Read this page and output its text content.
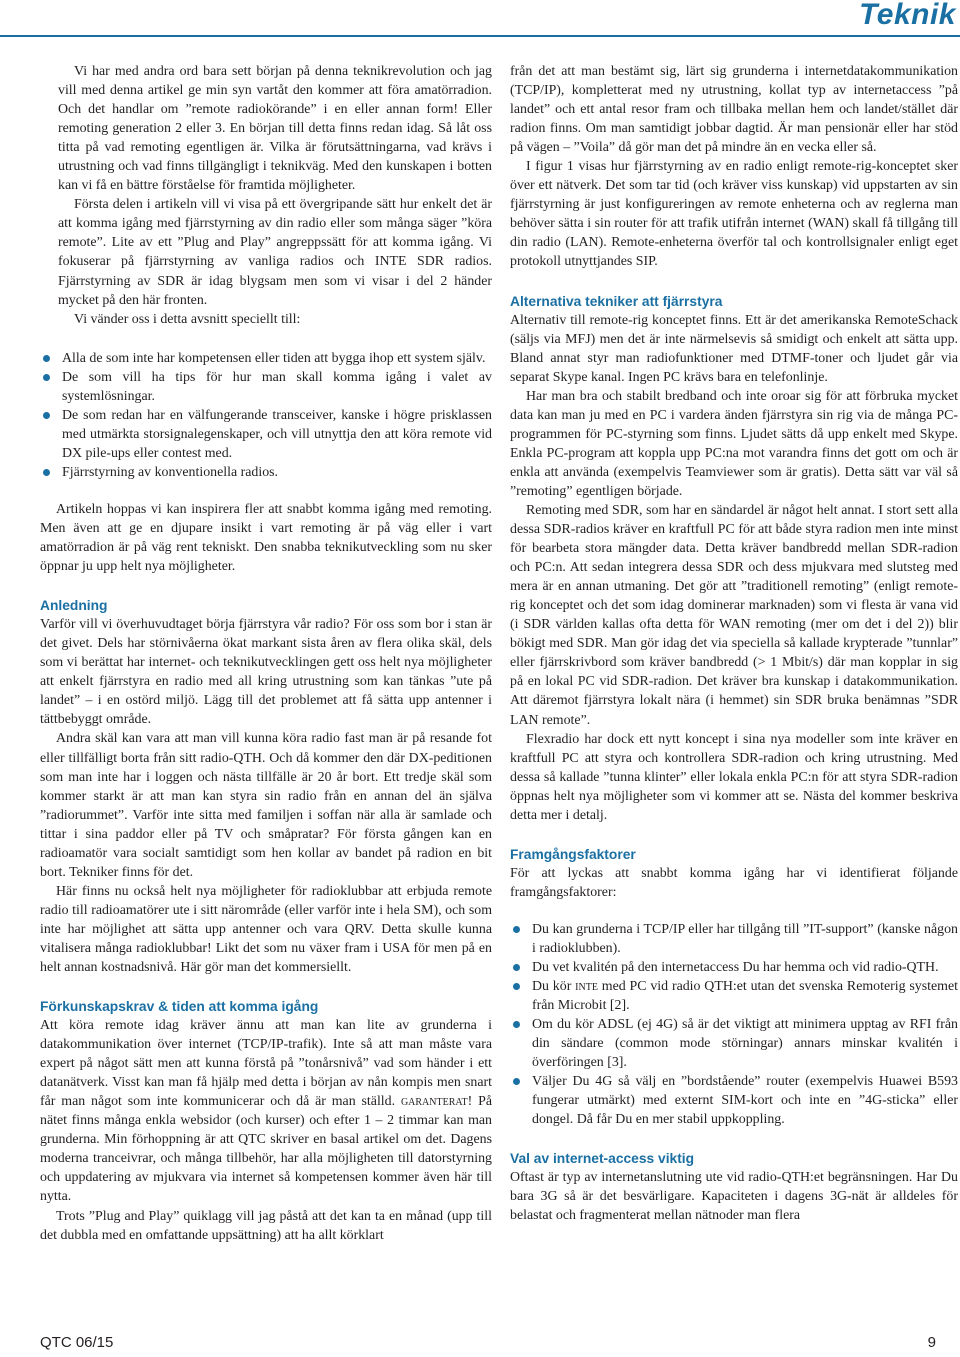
Teknik

Vi har med andra ord bara sett början på denna teknikrevolution och jag vill med denna artikel ge min syn vartåt den kommer att föra amatörradion. Och det handlar om ”remote radiokörande” i en eller annan form! Eller remoting generation 2 eller 3. En början till detta finns redan idag. Så låt oss titta på vad remoting egentligen är. Vilka är förutsättningarna, vad krävs i utrustning och vad finns tillgängligt i teknikväg. Med den kunskapen i botten kan vi få en bättre förståelse för framtida möjligheter.

Första delen i artikeln vill vi visa på ett övergripande sätt hur enkelt det är att komma igång med fjärrstyrning av din radio eller som många säger ”köra remote”. Lite av ett ”Plug and Play” angreppssätt för att komma igång. Vi fokuserar på fjärrstyrning av vanliga radios och INTE SDR radios. Fjärrstyrning av SDR är idag blygsam men som vi visar i del 2 händer mycket på den här fronten.

Vi vänder oss i detta avsnitt speciellt till:

Alla de som inte har kompetensen eller tiden att bygga ihop ett system själv.
De som vill ha tips för hur man skall komma igång i valet av systemlösningar.
De som redan har en välfungerande transceiver, kanske i högre prisklassen med utmärkta storsignalegenskaper, och vill utnyttja den att köra remote vid DX pile-ups eller contest med.
Fjärrstyrning av konventionella radios.

Artikeln hoppas vi kan inspirera fler att snabbt komma igång med remoting. Men även att ge en djupare insikt i vart remoting är på väg eller i vart amatörradion är på väg rent tekniskt. Den snabba teknikutveckling som nu sker öppnar ju upp helt nya möjligheter.

Anledning

Varför vill vi överhuvudtaget börja fjärrstyra vår radio? För oss som bor i stan är det givet. Dels har störnivåerna ökat markant sista åren av flera olika skäl, dels som vi berättat har internet- och teknikutvecklingen gett oss helt nya möjligheter att enkelt fjärrstyra en radio med all kring utrustning som kan tänkas ”ute på landet” – i en ostörd miljö. Lägg till det problemet att få sätta upp antenner i tättbebyggt område.

Andra skäl kan vara att man vill kunna köra radio fast man är på resande fot eller tillfälligt borta från sitt radio-QTH. Och då kommer den där DX-peditionen som man inte har i loggen och nästa tillfälle är 20 år bort. Ett tredje skäl som kommer starkt är att man kan styra sin radio från en annan del än själva ”radiorummet”. Varför inte sitta med familjen i soffan när alla är samlade och tittar i sina paddor eller på TV och småpratar? För första gången kan en radioamatör vara socialt samtidigt som hen kollar av bandet på radion en bit bort. Tekniker finns för det.

Här finns nu också helt nya möjligheter för radioklubbar att erbjuda remote radio till radioamatörer ute i sitt närområde (eller varför inte i hela SM), och som inte har möjlighet att sätta upp antenner och vara QRV. Detta skulle kunna vitalisera många radioklubbar! Likt det som nu växer fram i USA för men på en helt annan kostnadsnivå. Här gör man det kommersiellt.

Förkunskapskrav & tiden att komma igång

Att köra remote idag kräver ännu att man kan lite av grunderna i datakommunikation över internet (TCP/IP-trafik). Inte så att man måste vara expert på något sätt men att kunna förstå på ”tonårsnivå” vad som händer i ett datanätverk. Visst kan man få hjälp med detta i början av nån kompis men snart får man något som inte kommunicerar och då är man ställd. garanterat! På nätet finns många enkla websidor (och kurser) och efter 1 – 2 timmar kan man grunderna. Min förhoppning är att QTC skriver en basal artikel om det. Dagens moderna tranceivrar, och många tillbehör, har alla möjligheten till datorstyrning och uppdatering av mjukvara via internet så kompetensen kommer även här till nytta.

Trots ”Plug and Play” quiklagg vill jag påstå att det kan ta en månad (upp till det dubbla med en omfattande uppsättning) att ha allt körklart

från det att man bestämt sig, lärt sig grunderna i internetdatakommunikation (TCP/IP), kompletterat med ny utrustning, kollat typ av internetaccess ”på landet” och ett antal resor fram och tillbaka mellan hem och landet/stället där radion finns. Om man samtidigt jobbar dagtid. Är man pensionär eller har stöd på vägen – ”Voila” då gör man det på mindre än en vecka eller så.

I figur 1 visas hur fjärrstyrning av en radio enligt remote-rig-konceptet sker över ett nätverk. Det som tar tid (och kräver viss kunskap) vid uppstarten av sin fjärrstyrning är just konfigureringen av remote enheterna och av reglerna man behöver sätta i sin router för att trafik utifrån internet (WAN) skall få tillgång till din radio (LAN). Remote-enheterna överför tal och kontrollsignaler enligt eget protokoll utnyttjandes SIP.

Alternativa tekniker att fjärrstyra

Alternativ till remote-rig konceptet finns. Ett är det amerikanska RemoteSchack (säljs via MFJ) men det är inte närmelsevis så smidigt och enkelt att sätta upp. Bland annat styr man radiofunktioner med DTMF-toner och ljudet går via separat Skype kanal. Ingen PC krävs bara en telefonlinje.

Har man bra och stabilt bredband och inte oroar sig för att förbruka mycket data kan man ju med en PC i vardera änden fjärrstyra sin rig via de många PC-programmen för PC-styrning som finns. Ljudet sätts då upp enkelt med Skype. Enkla PC-program att koppla upp PC:na mot varandra finns det gott om och är enkla att använda (exempelvis Teamviewer som är gratis). Detta sätt var väl så ”remoting” egentligen började.

Remoting med SDR, som har en sändardel är något helt annat. I stort sett alla dessa SDR-radios kräver en kraftfull PC för att både styra radion men inte minst för bearbeta stora mängder data. Detta kräver bandbredd mellan SDR-radion och PC:n. Att sedan integrera dessa SDR och dess mjukvara med slutsteg med mera är en annan utmaning. Det gör att ”traditionell remoting” (enligt remote-rig konceptet och det som idag dominerar marknaden) som vi flesta är vana vid (i SDR världen kallas ofta detta för WAN remoting (mer om det i del 2)) blir bökigt med SDR. Man gör idag det via speciella så kallade krypterade ”tunnlar” eller fjärrskrivbord som kräver bandbredd (> 1 Mbit/s) där man kopplar in sig på en lokal PC vid SDR-radion. Det kräver bra kunskap i datakommunikation. Att däremot fjärrstyra lokalt nära (i hemmet) sin SDR bruka benämnas ”SDR LAN remote”.

Flexradio har dock ett nytt koncept i sina nya modeller som inte kräver en kraftfull PC att styra och kontrollera SDR-radion och kring utrustning. Med dessa så kallade ”tunna klinter” eller lokala enkla PC:n för att styra SDR-radion öppnas helt nya möjligheter som vi kommer att se. Nästa del kommer beskriva detta mer i detalj.

Framgångsfaktorer

För att lyckas att snabbt komma igång har vi identifierat följande framgångsfaktorer:

Du kan grunderna i TCP/IP eller har tillgång till ”IT-support” (kanske någon i radioklubben).
Du vet kvalitén på den internetaccess Du har hemma och vid radio-QTH.
Du kör inte med PC vid radio QTH:et utan det svenska Remoterig systemet från Microbit [2].
Om du kör ADSL (ej 4G) så är det viktigt att minimera upptag av RFI från din sändare (common mode störningar) annars minskar kvalitén i överföringen [3].
Väljer Du 4G så välj en ”bordstående” router (exempelvis Huawei B593 fungerar utmärkt) med externt SIM-kort och inte en ”4G-sticka” eller dongel. Då får Du en mer stabil uppkoppling.
Val av internet-access viktig

Oftast är typ av internetanslutning ute vid radio-QTH:et begränsningen. Har Du bara 3G så är det besvärligare. Kapaciteten i dagens 3G-nät är alldeles för belastat och fragmenterat mellan nätnoder man flera

QTC 06/15	9
